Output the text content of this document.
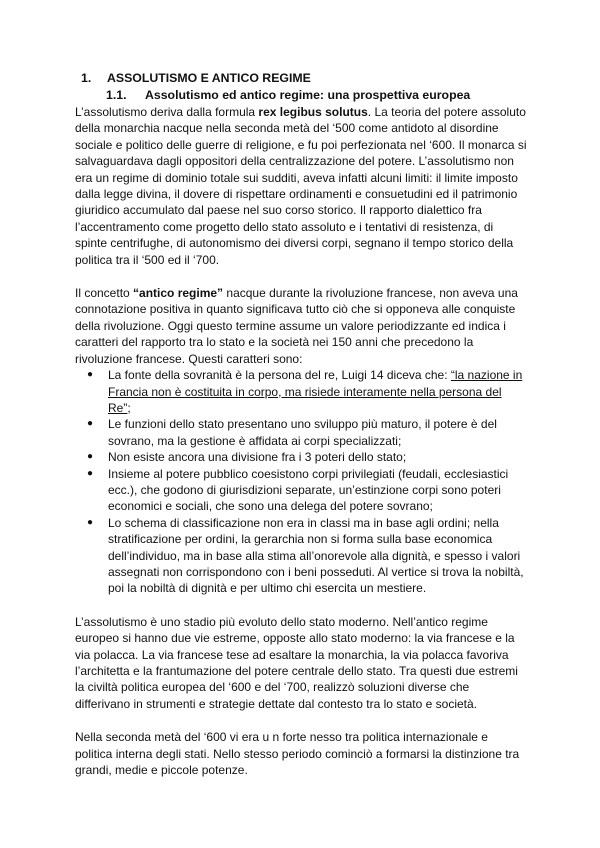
1. ASSOLUTISMO E ANTICO REGIME
1.1. Assolutismo ed antico regime: una prospettiva europea

L’assolutismo deriva dalla formula rex legibus solutus. La teoria del potere assoluto della monarchia nacque nella seconda metà del ‘500 come antidoto al disordine sociale e politico delle guerre di religione, e fu poi perfezionata nel ‘600. Il monarca si salvaguardava dagli oppositori della centralizzazione del potere. L’assolutismo non era un regime di dominio totale sui sudditi, aveva infatti alcuni limiti: il limite imposto dalla legge divina, il dovere di rispettare ordinamenti e consuetudini ed il patrimonio giuridico accumulato dal paese nel suo corso storico. Il rapporto dialettico fra l’accentramento come progetto dello stato assoluto e i tentativi di resistenza, di spinte centrifughe, di autonomismo dei diversi corpi, segnano il tempo storico della politica tra il ‘500 ed il ‘700.

Il concetto “antico regime” nacque durante la rivoluzione francese, non aveva una connotazione positiva in quanto significava tutto ciò che si opponeva alle conquiste della rivoluzione. Oggi questo termine assume un valore periodizzante ed indica i caratteri del rapporto tra lo stato e la società nei 150 anni che precedono la rivoluzione francese. Questi caratteri sono:

● La fonte della sovranità è la persona del re, Luigi 14 diceva che: “la nazione in Francia non è costituita in corpo, ma risiede interamente nella persona del Re”;
● Le funzioni dello stato presentano uno sviluppo più maturo, il potere è del sovrano, ma la gestione è affidata ai corpi specializzati;
● Non esiste ancora una divisione fra i 3 poteri dello stato;
● Insieme al potere pubblico coesistono corpi privilegiati (feudali, ecclesiastici ecc.), che godono di giurisdizioni separate, un’estinzione corpi sono poteri economici e sociali, che sono una delega del potere sovrano;
● Lo schema di classificazione non era in classi ma in base agli ordini; nella stratificazione per ordini, la gerarchia non si forma sulla base economica dell’individuo, ma in base alla stima all’onorevole alla dignità, e spesso i valori assegnati non corrispondono con i beni posseduti. Al vertice si trova la nobiltà, poi la nobiltà di dignità e per ultimo chi esercita un mestiere.

L’assolutismo è uno stadio più evoluto dello stato moderno. Nell’antico regime europeo si hanno due vie estreme, opposte allo stato moderno: la via francese e la via polacca. La via francese tese ad esaltare la monarchia, la via polacca favoriva l’architetta e la frantumazione del potere centrale dello stato. Tra questi due estremi la civiltà politica europea del ‘600 e del ‘700, realizzò soluzioni diverse che differivano in strumenti e strategie dettate dal contesto tra lo stato e società.

Nella seconda metà del ‘600 vi era u n forte nesso tra politica internazionale e politica interna degli stati. Nello stesso periodo cominciò a formarsi la distinzione tra grandi, medie e piccole potenze.
